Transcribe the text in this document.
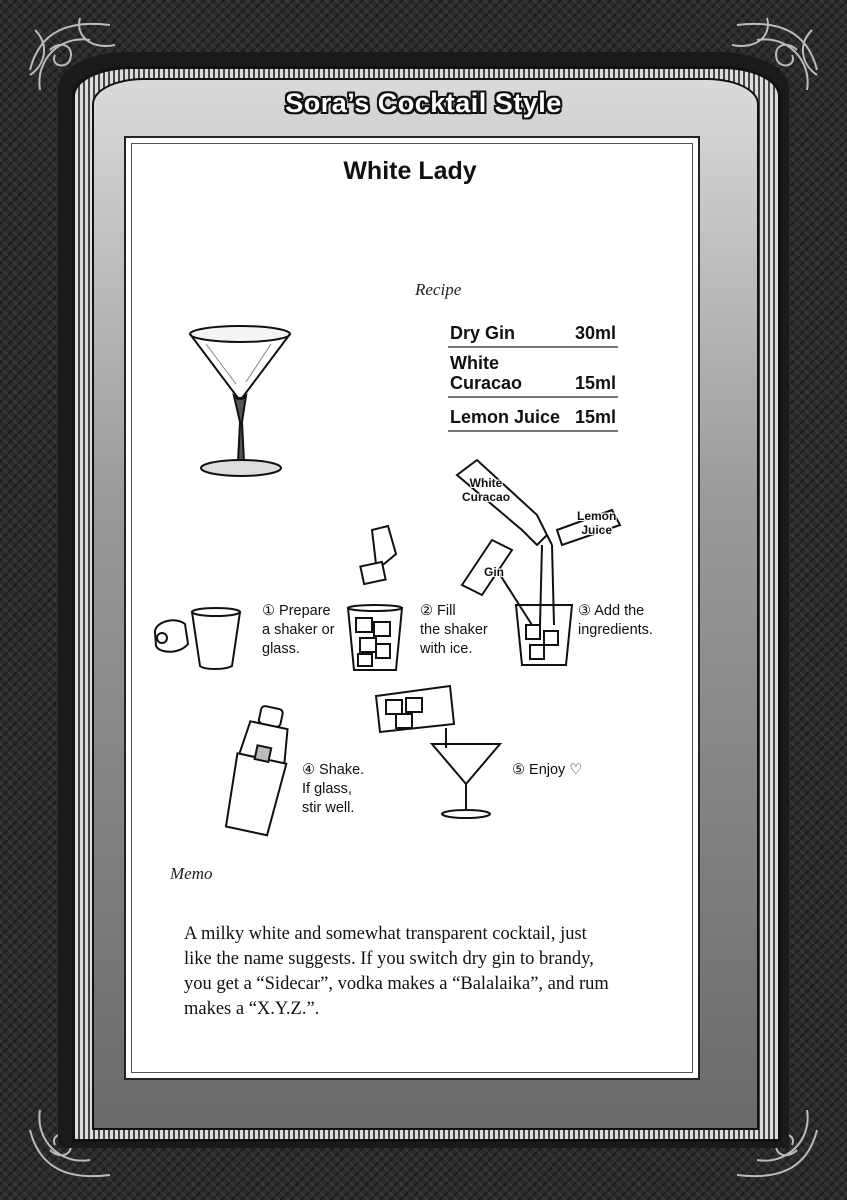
Sora’s Cocktail Style
White Lady
Recipe
Dry Gin	30ml
White
Curacao	15ml
Lemon Juice 15ml
White
Curacao
Lemon
Juice
Gin
① Prepare
a shaker or
glass.
② Fill
the shaker
with ice.
③ Add the
ingredients.
④ Shake.
If glass,
stir well.
⑤ Enjoy ♡
Memo
A milky white and somewhat transparent cocktail, just
like the name suggests. If you switch dry gin to brandy,
you get a “Sidecar”, vodka makes a “Balalaika”, and rum
makes a “X.Y.Z.”.
